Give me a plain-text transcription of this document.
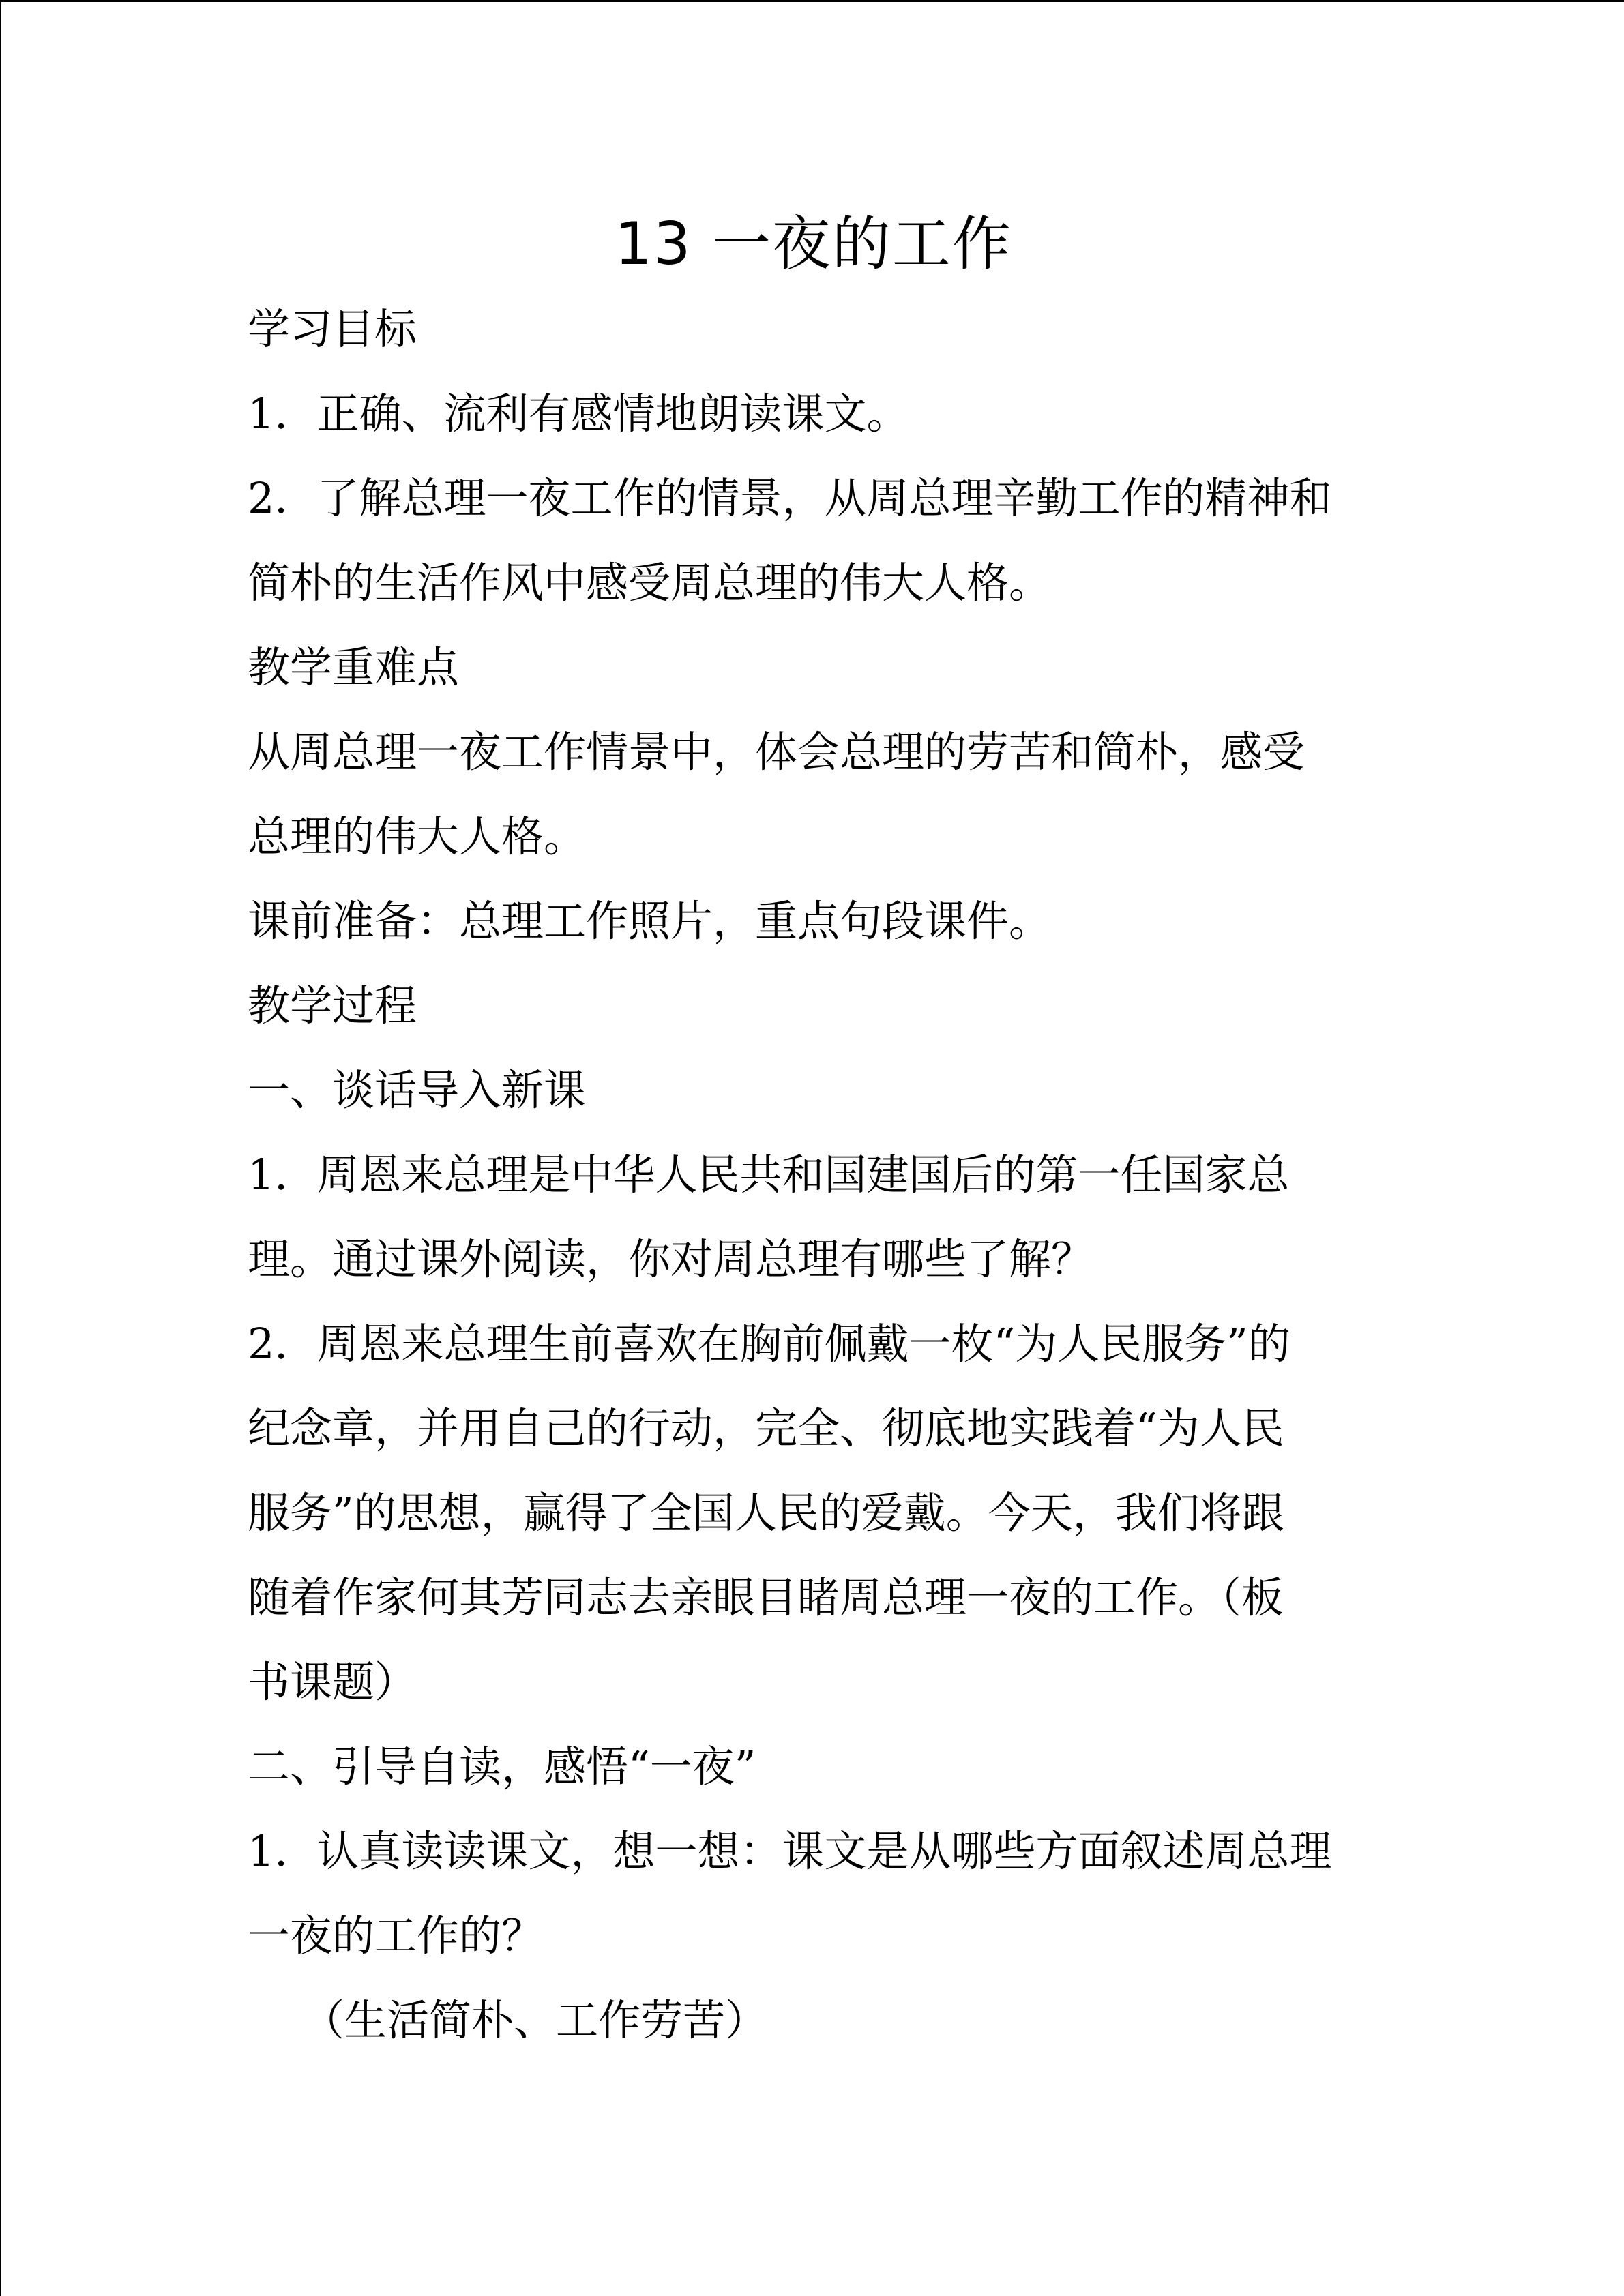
13 一夜的工作
学习目标
1．正确、流利有感情地朗读课文。
2．了解总理一夜工作的情景，从周总理辛勤工作的精神和
简朴的生活作风中感受周总理的伟大人格。
教学重难点
从周总理一夜工作情景中，体会总理的劳苦和简朴，感受
总理的伟大人格。
课前准备：总理工作照片，重点句段课件。
教学过程
一、谈话导入新课
1．周恩来总理是中华人民共和国建国后的第一任国家总
理。通过课外阅读，你对周总理有哪些了解？
2．周恩来总理生前喜欢在胸前佩戴一枚“为人民服务”的
纪念章，并用自己的行动，完全、彻底地实践着“为人民
服务”的思想，赢得了全国人民的爱戴。今天，我们将跟
随着作家何其芳同志去亲眼目睹周总理一夜的工作。（板
书课题）
二、引导自读，感悟“一夜”
1．认真读读课文，想一想：课文是从哪些方面叙述周总理
一夜的工作的？
（生活简朴、工作劳苦）
